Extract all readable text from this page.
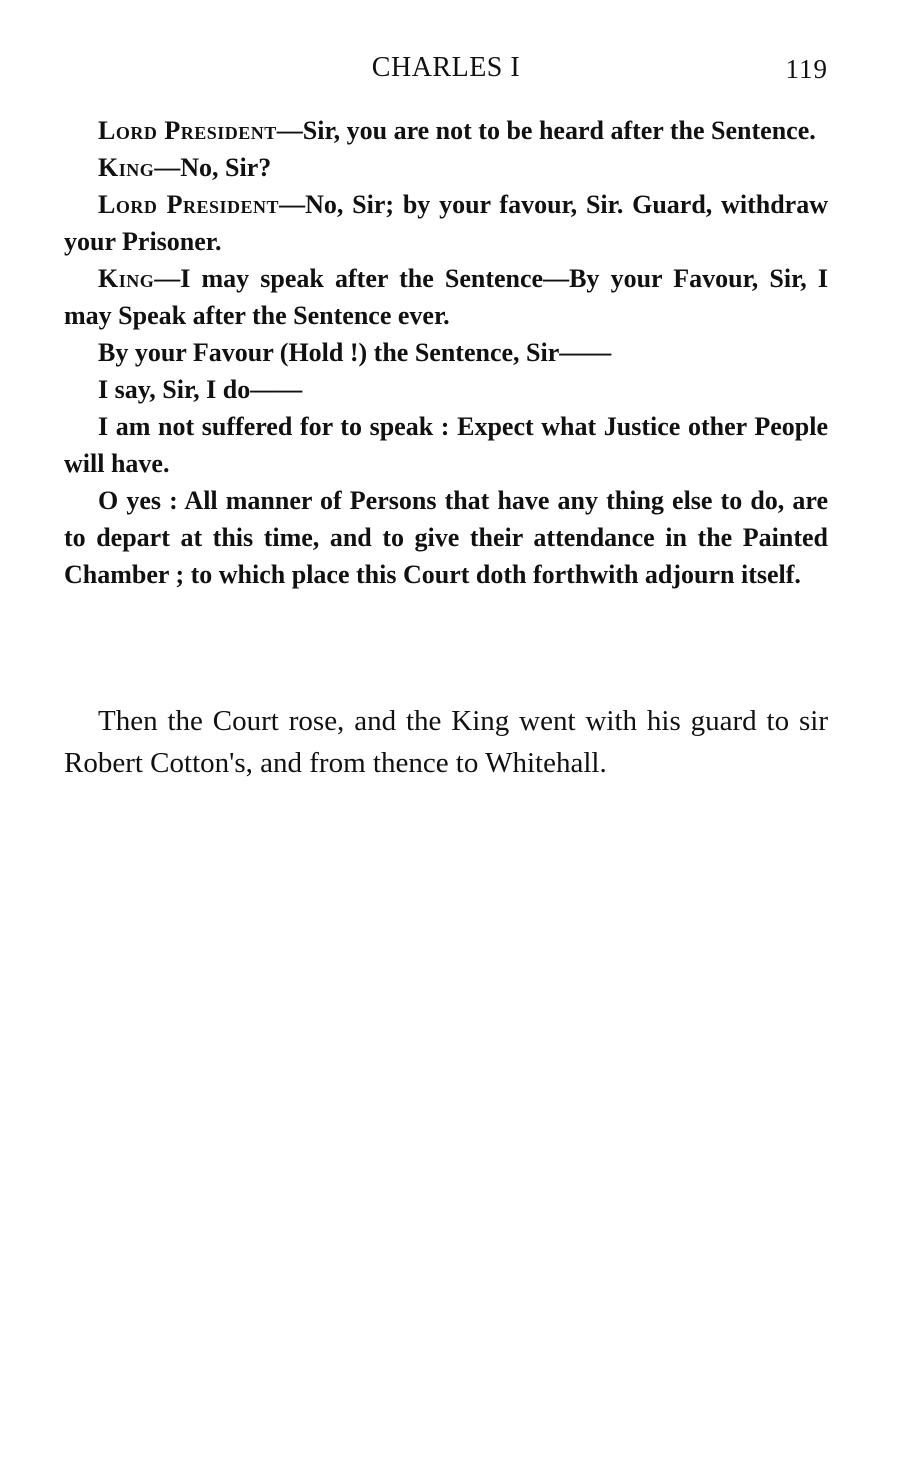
CHARLES I	119

Lord President—Sir, you are not to be heard after the Sentence.

King—No, Sir?

Lord President—No, Sir; by your favour, Sir. Guard, withdraw your Prisoner.

King—I may speak after the Sentence—By your Favour, Sir, I may Speak after the Sentence ever.

By your Favour (Hold !) the Sentence, Sir——

I say, Sir, I do——

I am not suffered for to speak : Expect what Justice other People will have.

O yes : All manner of Persons that have any thing else to do, are to depart at this time, and to give their attendance in the Painted Chamber ; to which place this Court doth forthwith adjourn itself.

Then the Court rose, and the King went with his guard to sir Robert Cotton's, and from thence to Whitehall.
